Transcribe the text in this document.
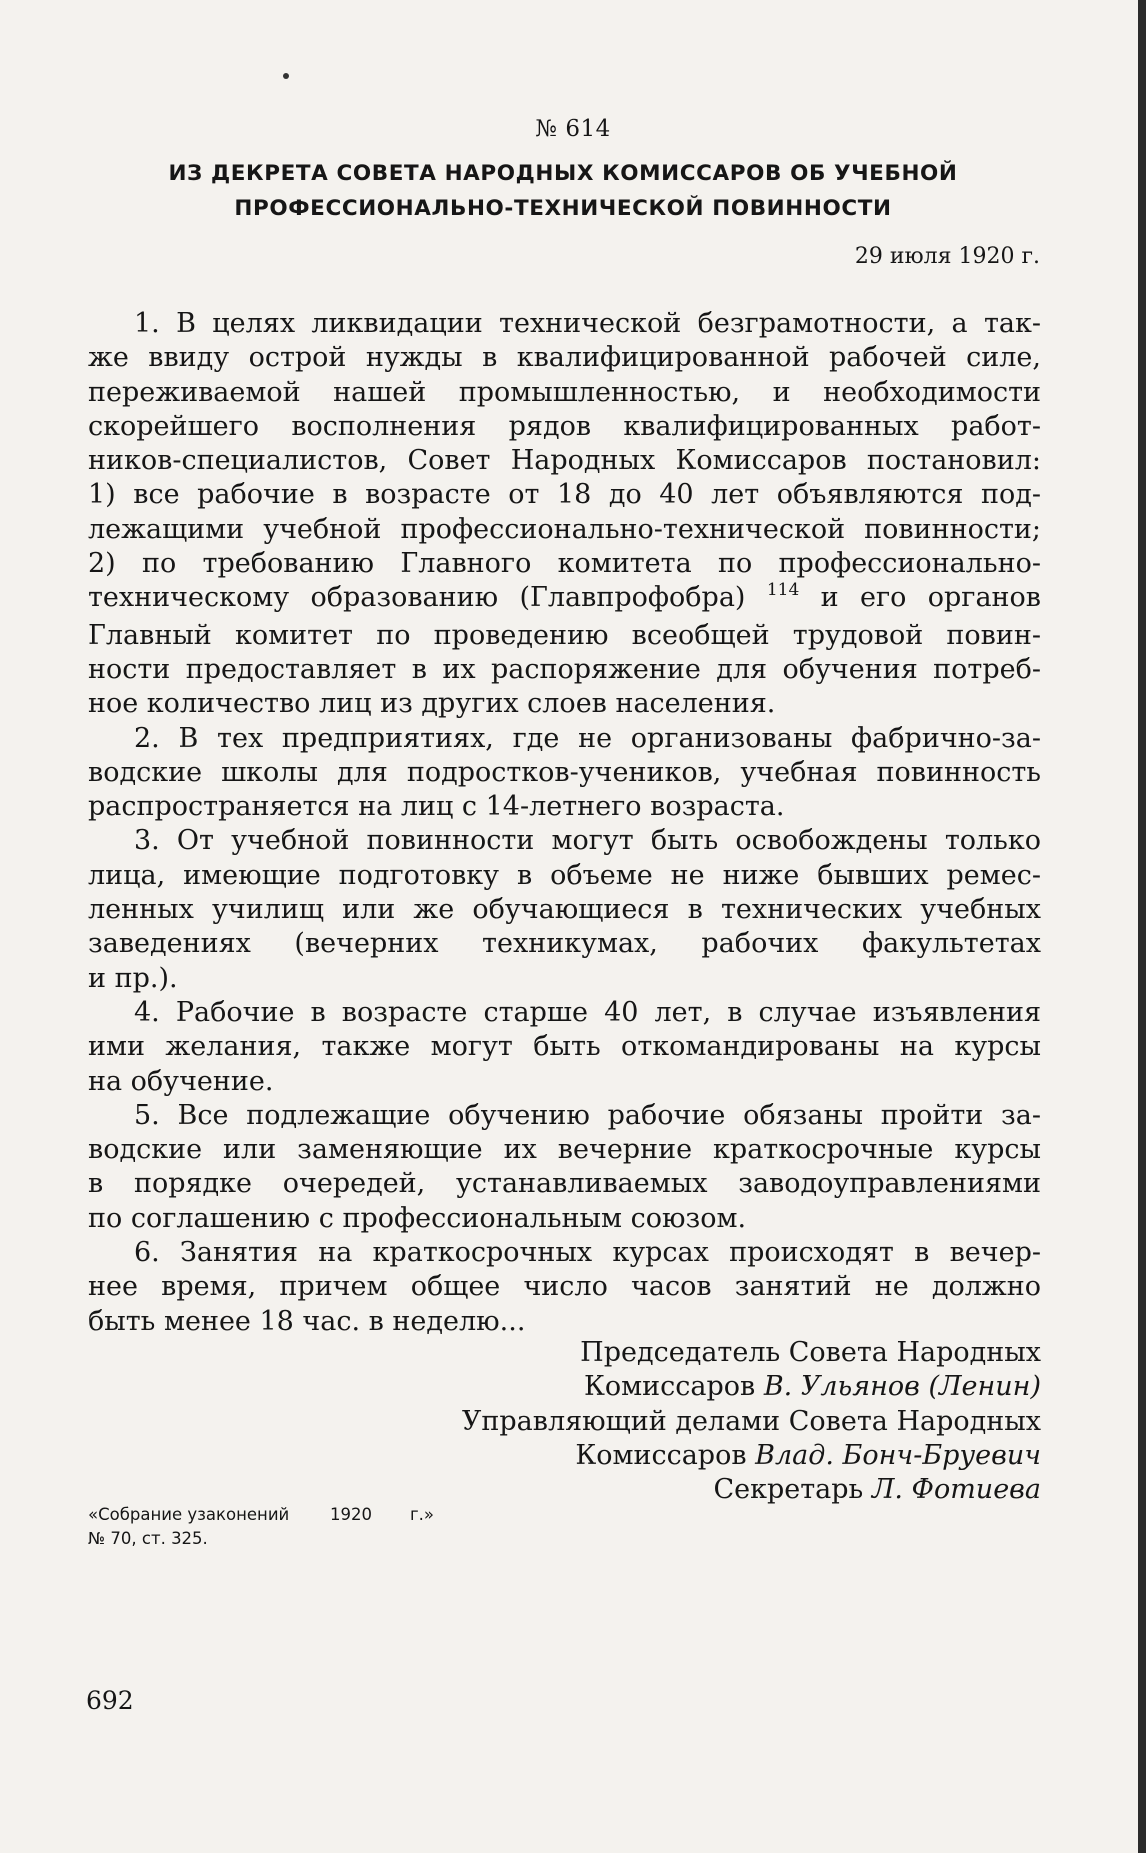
№ 614
ИЗ ДЕКРЕТА СОВЕТА НАРОДНЫХ КОМИССАРОВ ОБ УЧЕБНОЙ
ПРОФЕССИОНАЛЬНО-ТЕХНИЧЕСКОЙ ПОВИННОСТИ
29 июля 1920 г.
1. В целях ликвидации технической безграмотности, а так-
же ввиду острой нужды в квалифицированной рабочей силе,
переживаемой нашей промышленностью, и необходимости
скорейшего восполнения рядов квалифицированных работ-
ников-специалистов, Совет Народных Комиссаров постановил:
1) все рабочие в возрасте от 18 до 40 лет объявляются под-
лежащими учебной профессионально-технической повинности;
2) по требованию Главного комитета по профессионально-
техническому образованию (Главпрофобра) $^{114}$ и его органов
Главный комитет по проведению всеобщей трудовой повин-
ности предоставляет в их распоряжение для обучения потреб-
ное количество лиц из других слоев населения.
2. В тех предприятиях, где не организованы фабрично-за-
водские школы для подростков-учеников, учебная повинность
распространяется на лиц с 14-летнего возраста.
3. От учебной повинности могут быть освобождены только
лица, имеющие подготовку в объеме не ниже бывших ремес-
ленных училищ или же обучающиеся в технических учебных
заведениях (вечерних техникумах, рабочих факультетах
и пр.).
4. Рабочие в возрасте старше 40 лет, в случае изъявления
ими желания, также могут быть откомандированы на курсы
на обучение.
5. Все подлежащие обучению рабочие обязаны пройти за-
водские или заменяющие их вечерние краткосрочные курсы
в порядке очередей, устанавливаемых заводоуправлениями
по соглашению с профессиональным союзом.
6. Занятия на краткосрочных курсах происходят в вечер-
нее время, причем общее число часов занятий не должно
быть менее 18 час. в неделю...
Председатель Совета Народных
Комиссаров В. Ульянов (Ленин)
Управляющий делами Совета Народных
Комиссаров Влад. Бонч-Бруевич
Секретарь Л. Фотиева
«Собрание узаконений 1920 г.»
№ 70, ст. 325.
692
